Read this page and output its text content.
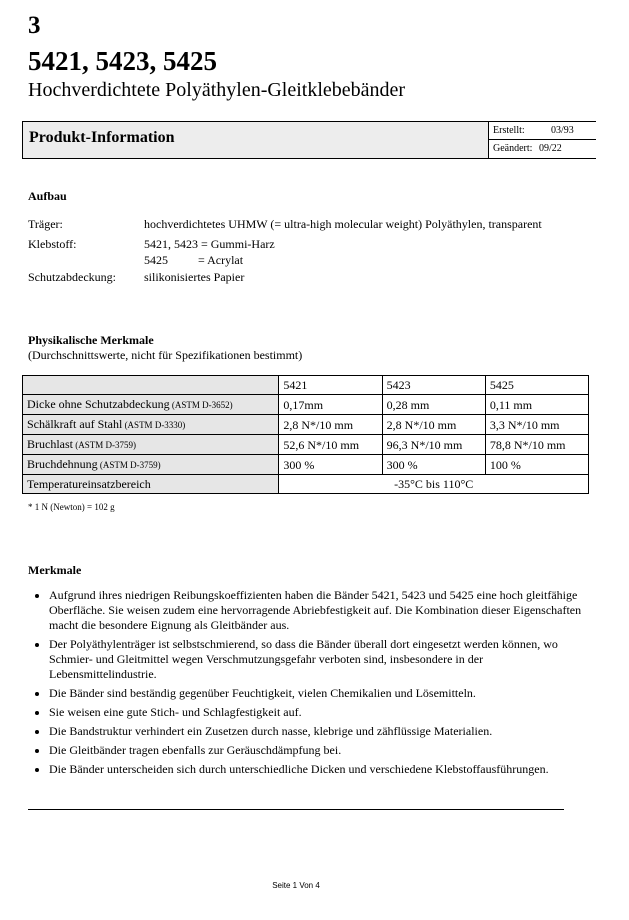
3
5421, 5423, 5425
Hochverdichtete Polyäthylen-Gleitklebebänder
Produkt-Information	Erstellt:	03/93
Geändert: 09/22
Aufbau
Träger:	hochverdichtetes UHMW (= ultra-high molecular weight) Polyäthylen, transparent
Klebstoff:	5421, 5423 = Gummi-Harz
5425          = Acrylat
Schutzabdeckung: silikonisiertes Papier
Physikalische Merkmale
(Durchschnittswerte, nicht für Spezifikationen bestimmt)
	5421	5423	5425
Dicke ohne Schutzabdeckung (ASTM D-3652)	0,17mm	0,28 mm	0,11 mm
Schälkraft auf Stahl (ASTM D-3330)	2,8 N*/10 mm	2,8 N*/10 mm	3,3 N*/10 mm
Bruchlast (ASTM D-3759)	52,6 N*/10 mm	96,3 N*/10 mm	78,8 N*/10 mm
Bruchdehnung (ASTM D-3759)	300 %	300 %	100 %
Temperatureinsatzbereich	-35°C bis 110°C		
* 1 N (Newton) = 102 g
Merkmale
• Aufgrund ihres niedrigen Reibungskoeffizienten haben die Bänder 5421, 5423 und 5425 eine hoch gleitfähige Oberfläche. Sie weisen zudem eine hervorragende Abriebfestigkeit auf. Die Kombination dieser Eigenschaften macht die besondere Eignung als Gleitbänder aus.
• Der Polyäthylenträger ist selbstschmierend, so dass die Bänder überall dort eingesetzt werden können, wo Schmier- und Gleitmittel wegen Verschmutzungsgefahr verboten sind, insbesondere in der Lebensmittelindustrie.
• Die Bänder sind beständig gegenüber Feuchtigkeit, vielen Chemikalien und Lösemitteln.
• Sie weisen eine gute Stich- und Schlagfestigkeit auf.
• Die Bandstruktur verhindert ein Zusetzen durch nasse, klebrige und zähflüssige Materialien.
• Die Gleitbänder tragen ebenfalls zur Geräuschdämpfung bei.
• Die Bänder unterscheiden sich durch unterschiedliche Dicken und verschiedene Klebstoffausführungen.
Seite 1 Von 4
